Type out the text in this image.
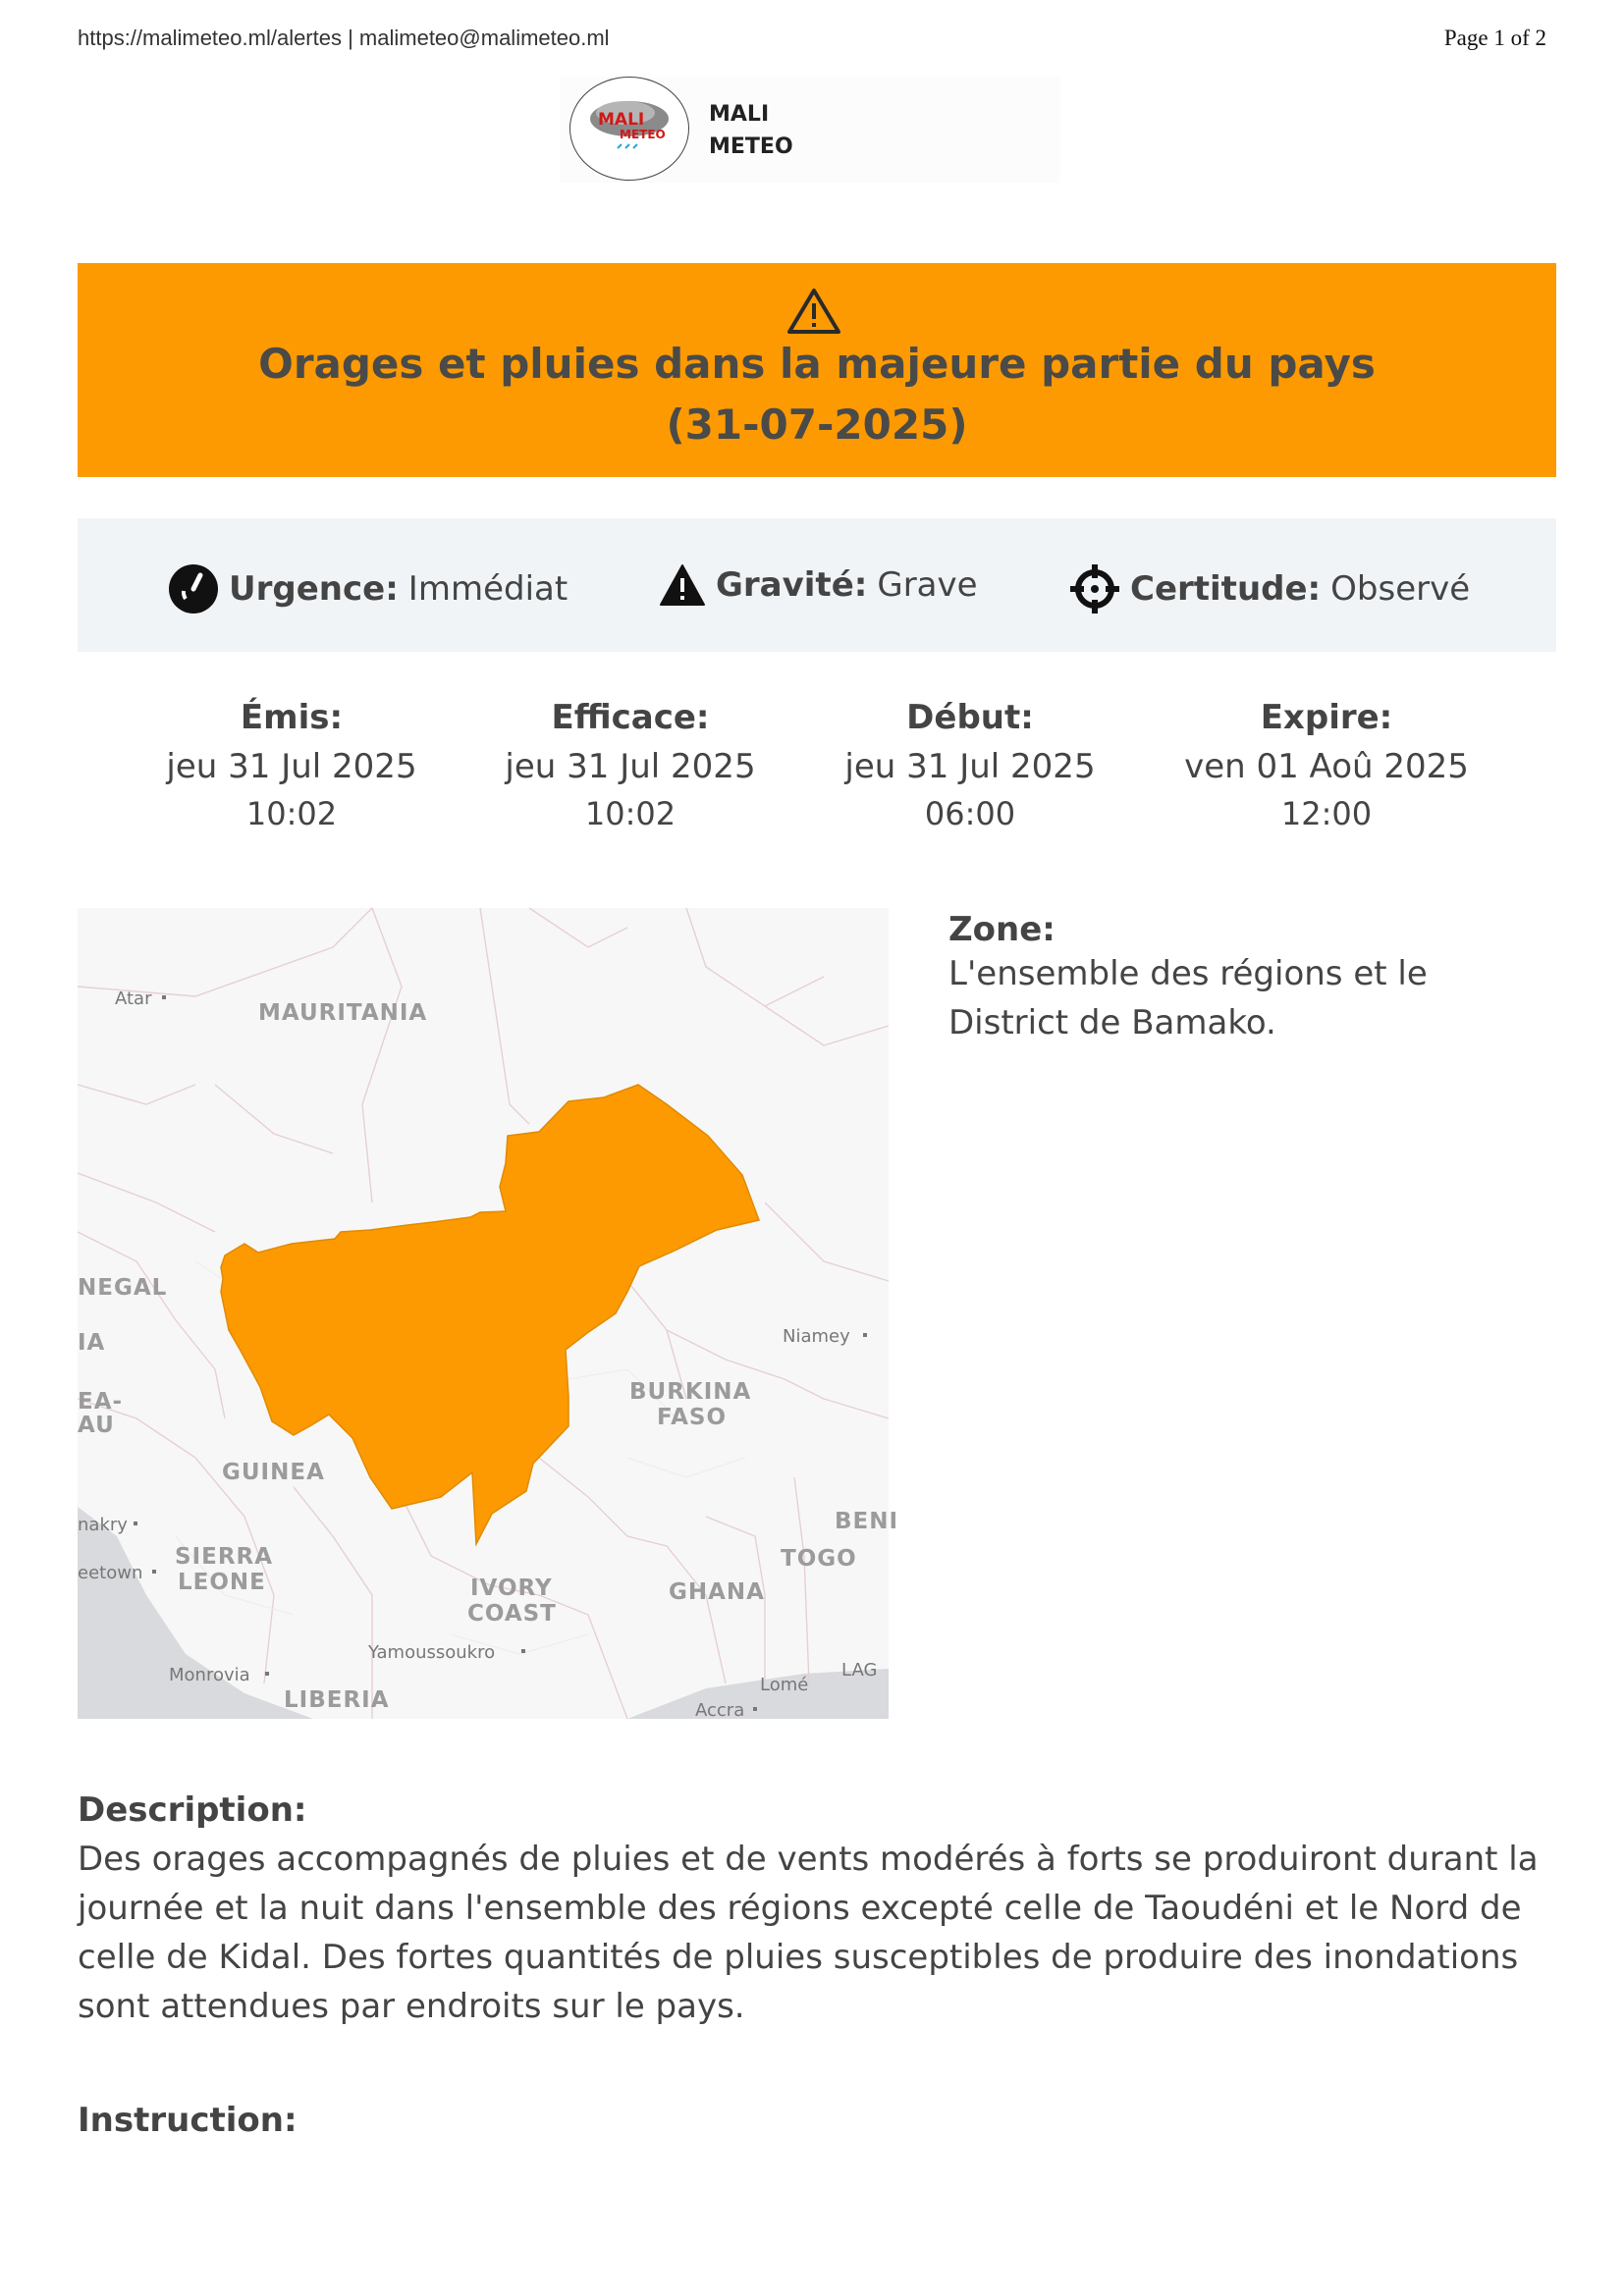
https://malimeteo.ml/alertes | malimeteo@malimeteo.ml	Page 1 of 2
MALI
METEO
MALI
METEO
Orages et pluies dans la majeure partie du pays
(31-07-2025)
Urgence: Immédiat	Gravité: Grave	Certitude: Observé
Émis:
jeu 31 Jul 2025
10:02
Efficace:
jeu 31 Jul 2025
10:02
Début:
jeu 31 Jul 2025
06:00
Expire:
ven 01 Aoû 2025
12:00
MAURITANIA
NEGAL
IA
EA-
AU
GUINEA
BURKINA
FASO
SIERRA
LEONE	IVORY
COAST
GHANA
TOGO
BENI
LIBERIA
Atar
Niamey
nakry
eetown
Yamoussoukro
Monrovia	Lomé
Accra
LAG
Zone:
L'ensemble des régions et le District de Bamako.
Description:
Des orages accompagnés de pluies et de vents modérés à forts se produiront durant la journée et la nuit dans l'ensemble des régions excepté celle de Taoudéni et le Nord de celle de Kidal. Des fortes quantités de pluies susceptibles de produire des inondations sont attendues par endroits sur le pays.
Instruction:
